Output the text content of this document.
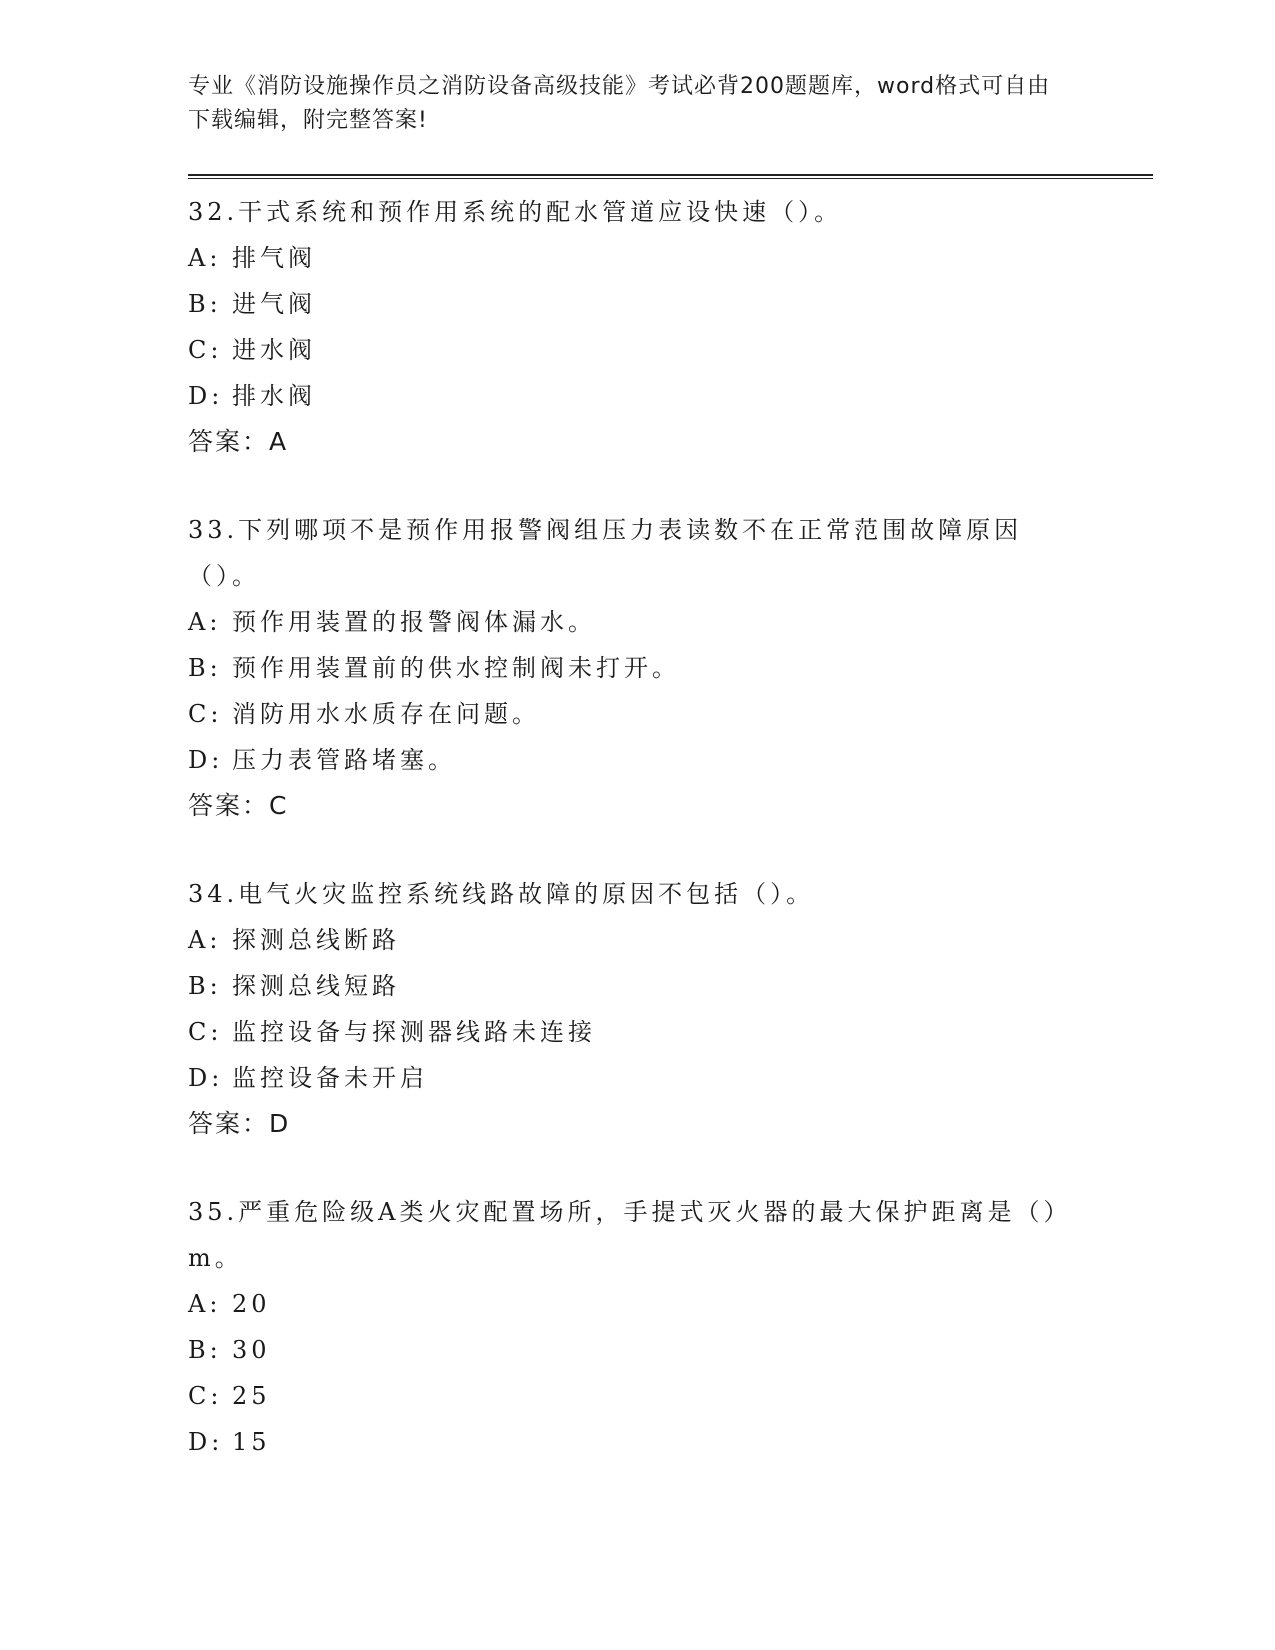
专业《消防设施操作员之消防设备高级技能》考试必背200题题库，word格式可自由下载编辑，附完整答案!

32.干式系统和预作用系统的配水管道应设快速（）。

A: 排气阀

B: 进气阀

C: 进水阀

D: 排水阀

答案：A

33.下列哪项不是预作用报警阀组压力表读数不在正常范围故障原因（）。

A: 预作用装置的报警阀体漏水。

B: 预作用装置前的供水控制阀未打开。

C: 消防用水水质存在问题。

D: 压力表管路堵塞。

答案：C

34.电气火灾监控系统线路故障的原因不包括（）。

A: 探测总线断路

B: 探测总线短路

C: 监控设备与探测器线路未连接

D: 监控设备未开启

答案：D

35.严重危险级A类火灾配置场所，手提式灭火器的最大保护距离是（）m。

A: 20

B: 30

C: 25

D: 15
